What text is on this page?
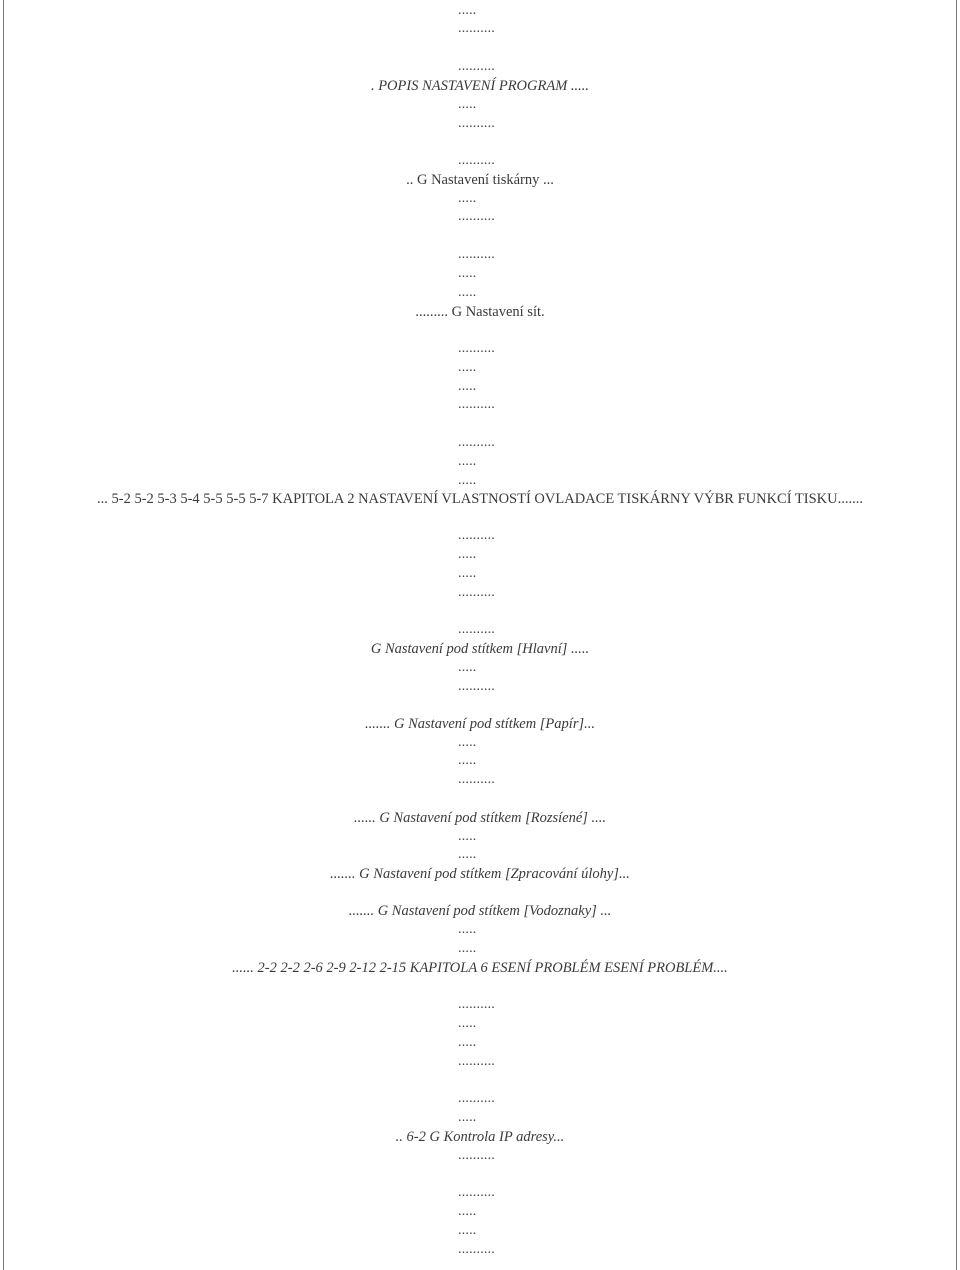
.....
..........
..........
. POPIS NASTAVENÍ PROGRAM .....
.....
..........
..........
.. G Nastavení tiskárny ...
.....
..........
..........
.....
.....
......... G Nastavení sít.
..........
.....
.....
..........
..........
.....
.....
... 5-2 5-2 5-3 5-4 5-5 5-5 5-7 KAPITOLA 2 NASTAVENÍ VLASTNOSTÍ OVLADACE TISKÁRNY VÝBR FUNKCÍ TISKU.......
..........
.....
.....
..........
..........
G Nastavení pod stítkem [Hlavní] .....
.....
..........
....... G Nastavení pod stítkem [Papír]...
.....
.....
..........
...... G Nastavení pod stítkem [Rozsíené] ....
.....
.....
....... G Nastavení pod stítkem [Zpracování úlohy]...
....... G Nastavení pod stítkem [Vodoznaky] ...
.....
.....
...... 2-2 2-2 2-6 2-9 2-12 2-15 KAPITOLA 6 ESENÍ PROBLÉM ESENÍ PROBLÉM....
..........
.....
.....
..........
..........
.....
.. 6-2 G Kontrola IP adresy...
..........
..........
.....
.....
..........
